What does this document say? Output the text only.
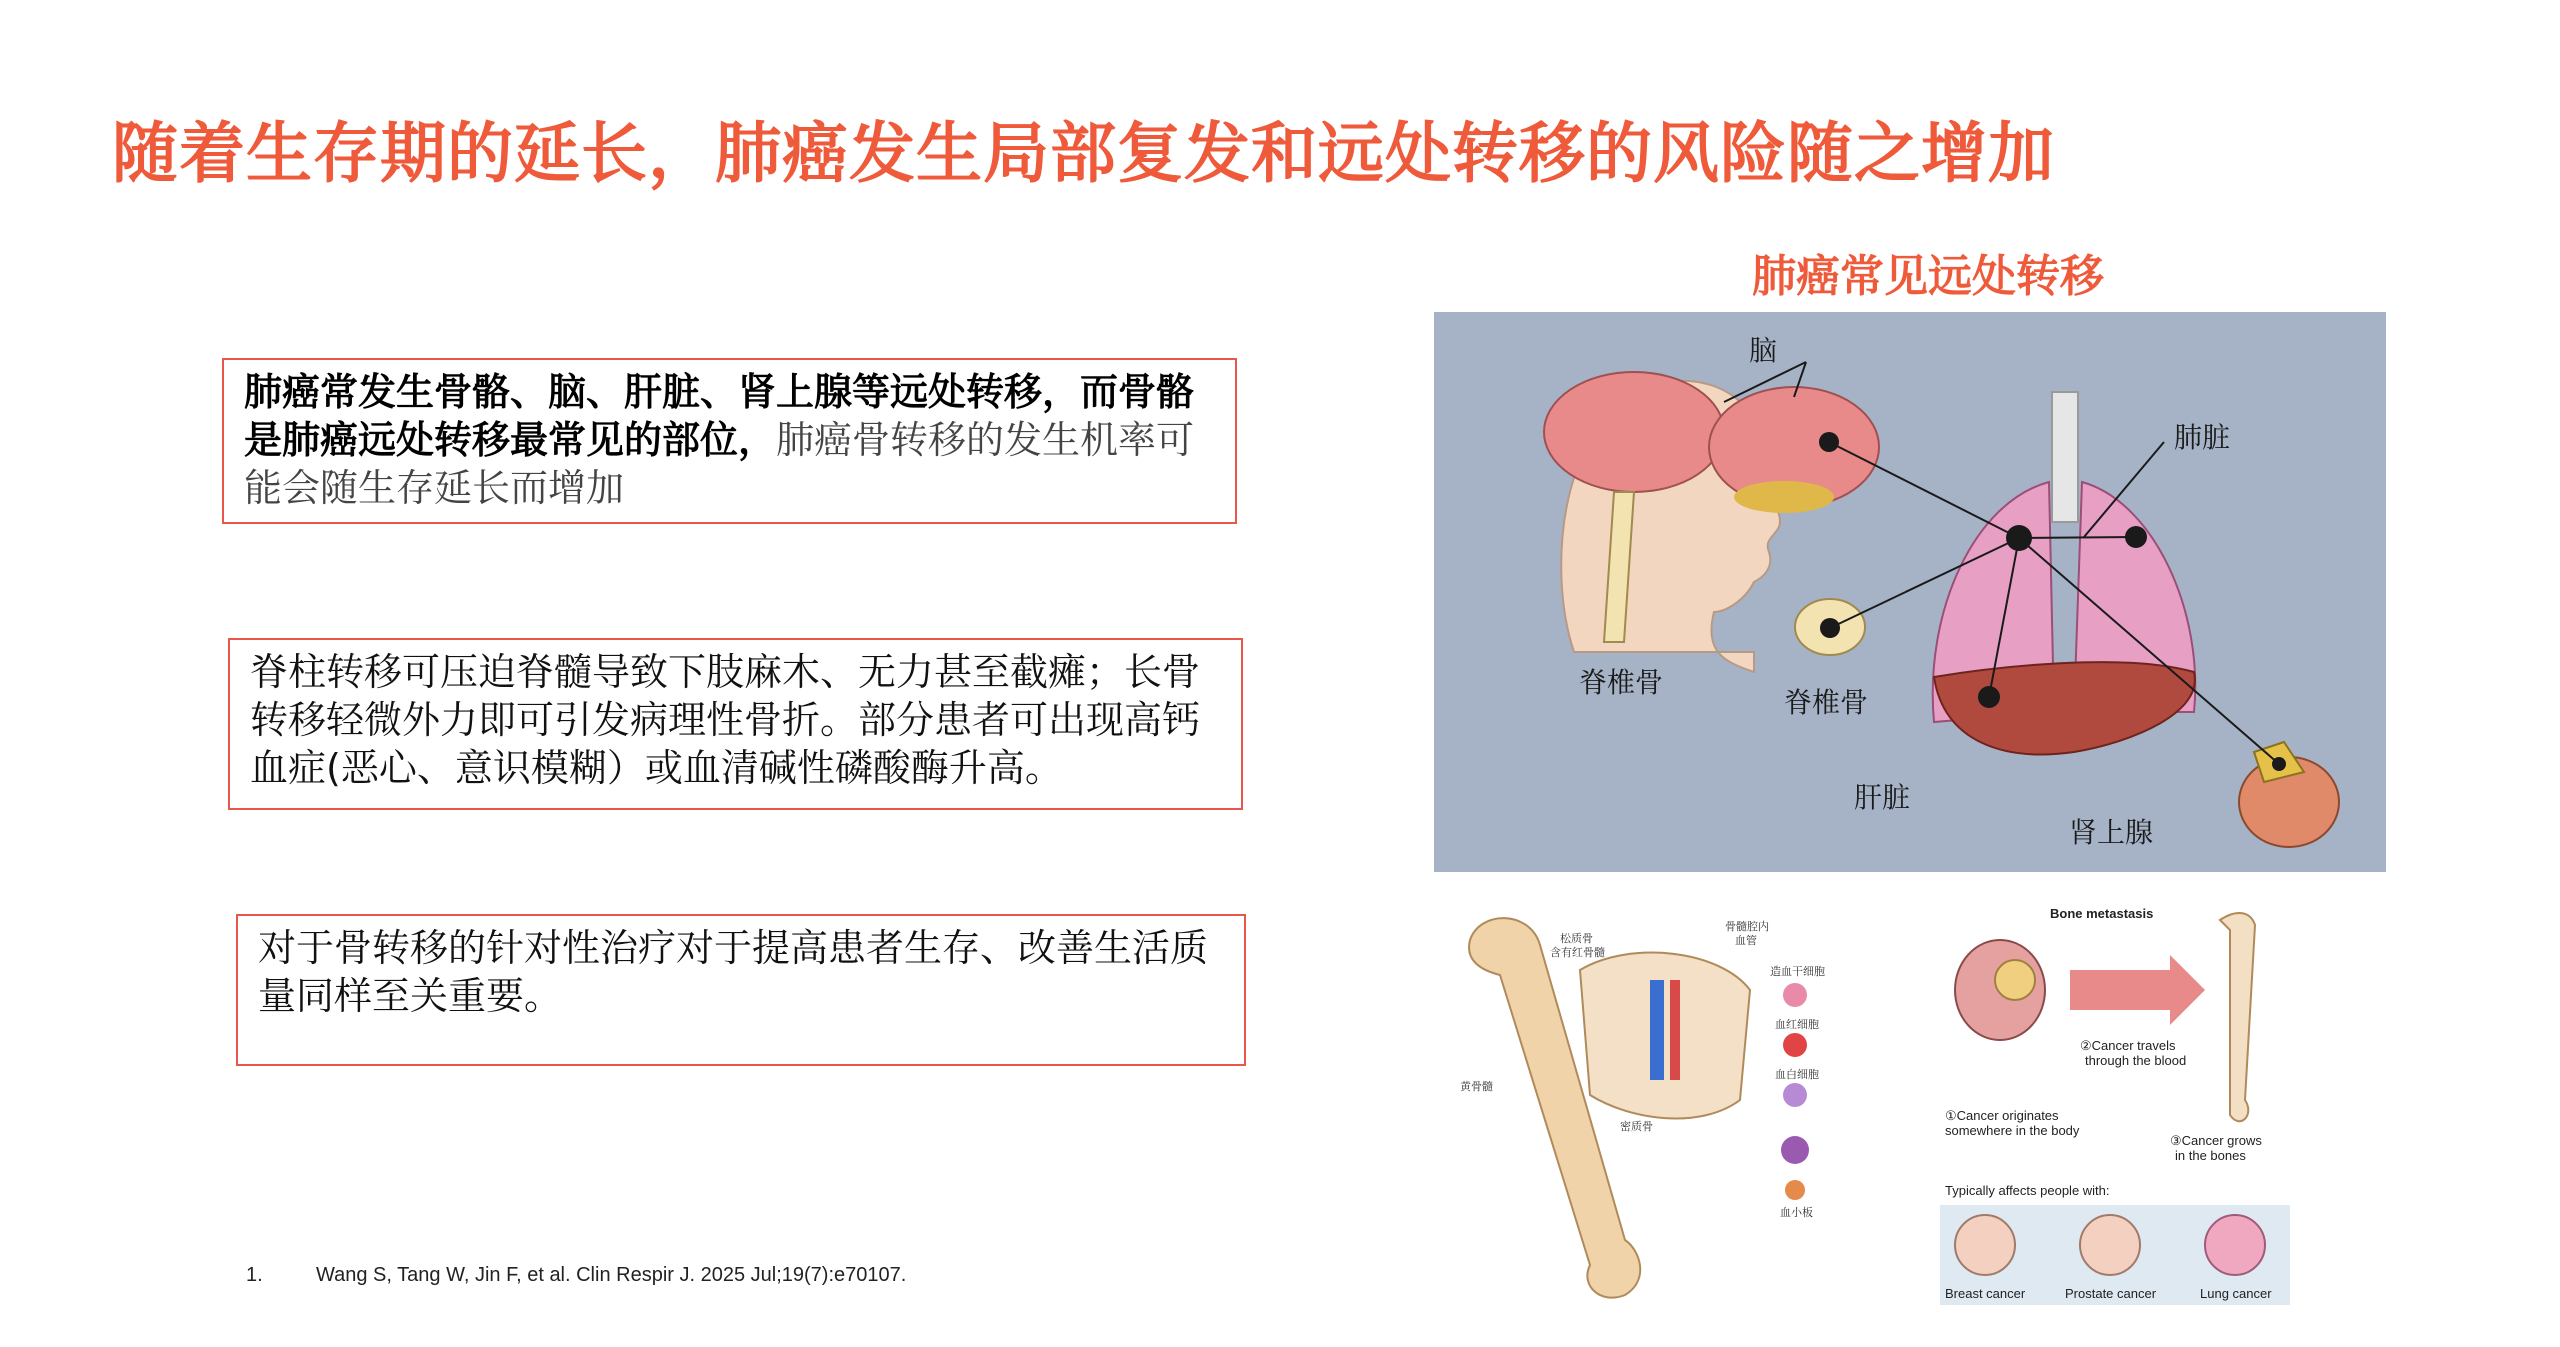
随着生存期的延长，肺癌发生局部复发和远处转移的风险随之增加
肺癌常发生骨骼、脑、肝脏、肾上腺等远处转移，而骨骼是肺癌远处转移最常见的部位，肺癌骨转移的发生机率可能会随生存延长而增加
脊柱转移可压迫脊髓导致下肢麻木、无力甚至截瘫；长骨转移轻微外力即可引发病理性骨折。部分患者可出现高钙血症(恶心、意识模糊）或血清碱性磷酸酶升高。
对于骨转移的针对性治疗对于提高患者生存、改善生活质量同样至关重要。
1.	Wang S, Tang W, Jin F, et al. Clin Respir J. 2025 Jul;19(7):e70107.
肺癌常见远处转移
脑
肺脏
脊椎骨
脊椎骨
肝脏
肾上腺
松质骨
含有红骨髓
骨髓腔内
血管
造血干细胞
血红细胞
血白细胞
黄骨髓
密质骨
血小板
Bone metastasis
②Cancer travels
through the blood
①Cancer originates
somewhere in the body
③Cancer grows
in the bones
Typically affects people with:
Breast cancer	Prostate cancer	Lung cancer
